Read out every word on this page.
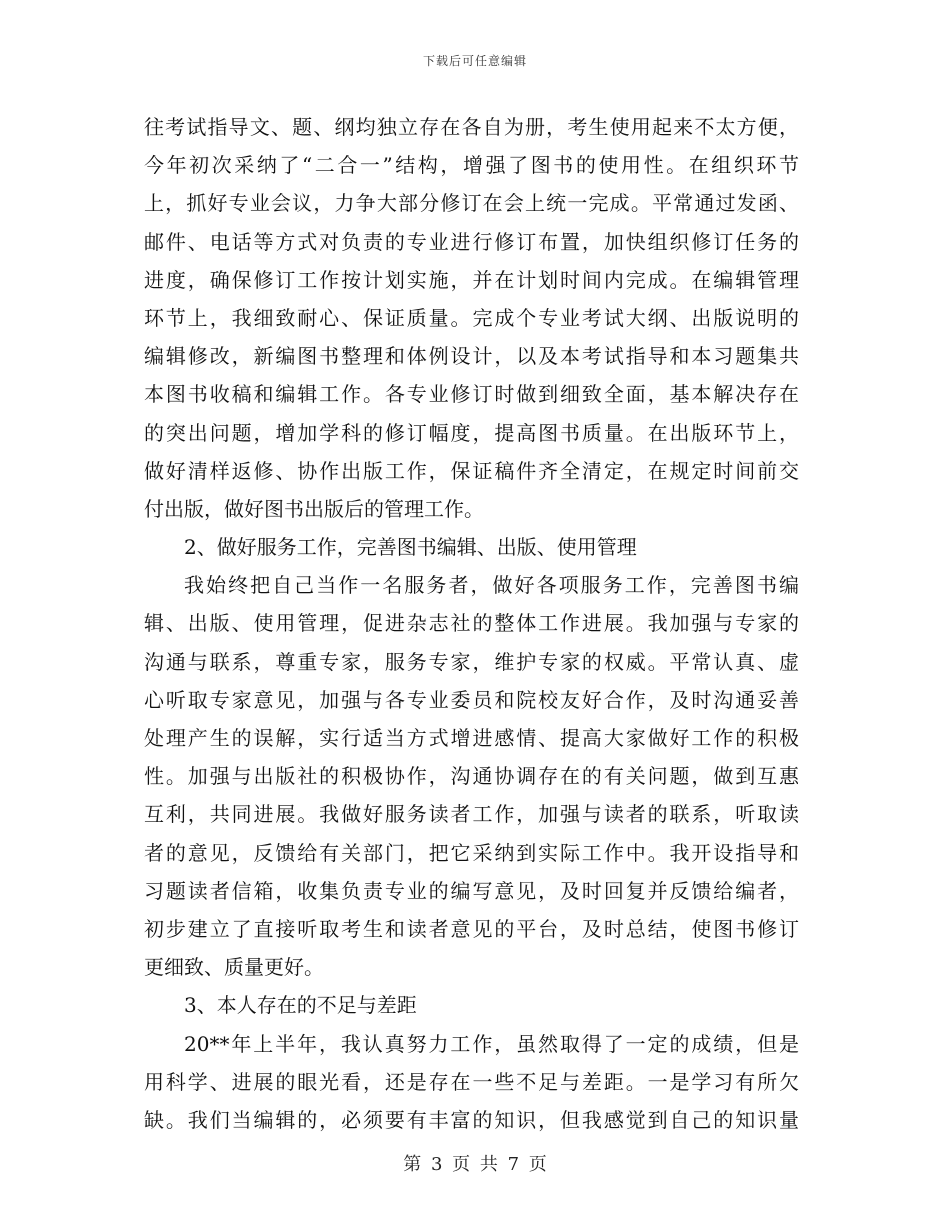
下载后可任意编辑
往考试指导文、题、纲均独立存在各自为册，考生使用起来不太方便，
今年初次采纳了“二合一”结构，增强了图书的使用性。在组织环节
上，抓好专业会议，力争大部分修订在会上统一完成。平常通过发函、
邮件、电话等方式对负责的专业进行修订布置，加快组织修订任务的
进度，确保修订工作按计划实施，并在计划时间内完成。在编辑管理
环节上，我细致耐心、保证质量。完成个专业考试大纲、出版说明的
编辑修改，新编图书整理和体例设计，以及本考试指导和本习题集共
本图书收稿和编辑工作。各专业修订时做到细致全面，基本解决存在
的突出问题，增加学科的修订幅度，提高图书质量。在出版环节上，
做好清样返修、协作出版工作，保证稿件齐全清定，在规定时间前交
付出版，做好图书出版后的管理工作。
2、做好服务工作，完善图书编辑、出版、使用管理
我始终把自己当作一名服务者，做好各项服务工作，完善图书编
辑、出版、使用管理，促进杂志社的整体工作进展。我加强与专家的
沟通与联系，尊重专家，服务专家，维护专家的权威。平常认真、虚
心听取专家意见，加强与各专业委员和院校友好合作，及时沟通妥善
处理产生的误解，实行适当方式增进感情、提高大家做好工作的积极
性。加强与出版社的积极协作，沟通协调存在的有关问题，做到互惠
互利，共同进展。我做好服务读者工作，加强与读者的联系，听取读
者的意见，反馈给有关部门，把它采纳到实际工作中。我开设指导和
习题读者信箱，收集负责专业的编写意见，及时回复并反馈给编者，
初步建立了直接听取考生和读者意见的平台，及时总结，使图书修订
更细致、质量更好。
3、本人存在的不足与差距
20**年上半年，我认真努力工作，虽然取得了一定的成绩，但是
用科学、进展的眼光看，还是存在一些不足与差距。一是学习有所欠
缺。我们当编辑的，必须要有丰富的知识，但我感觉到自己的知识量
第 3 页 共 7 页
